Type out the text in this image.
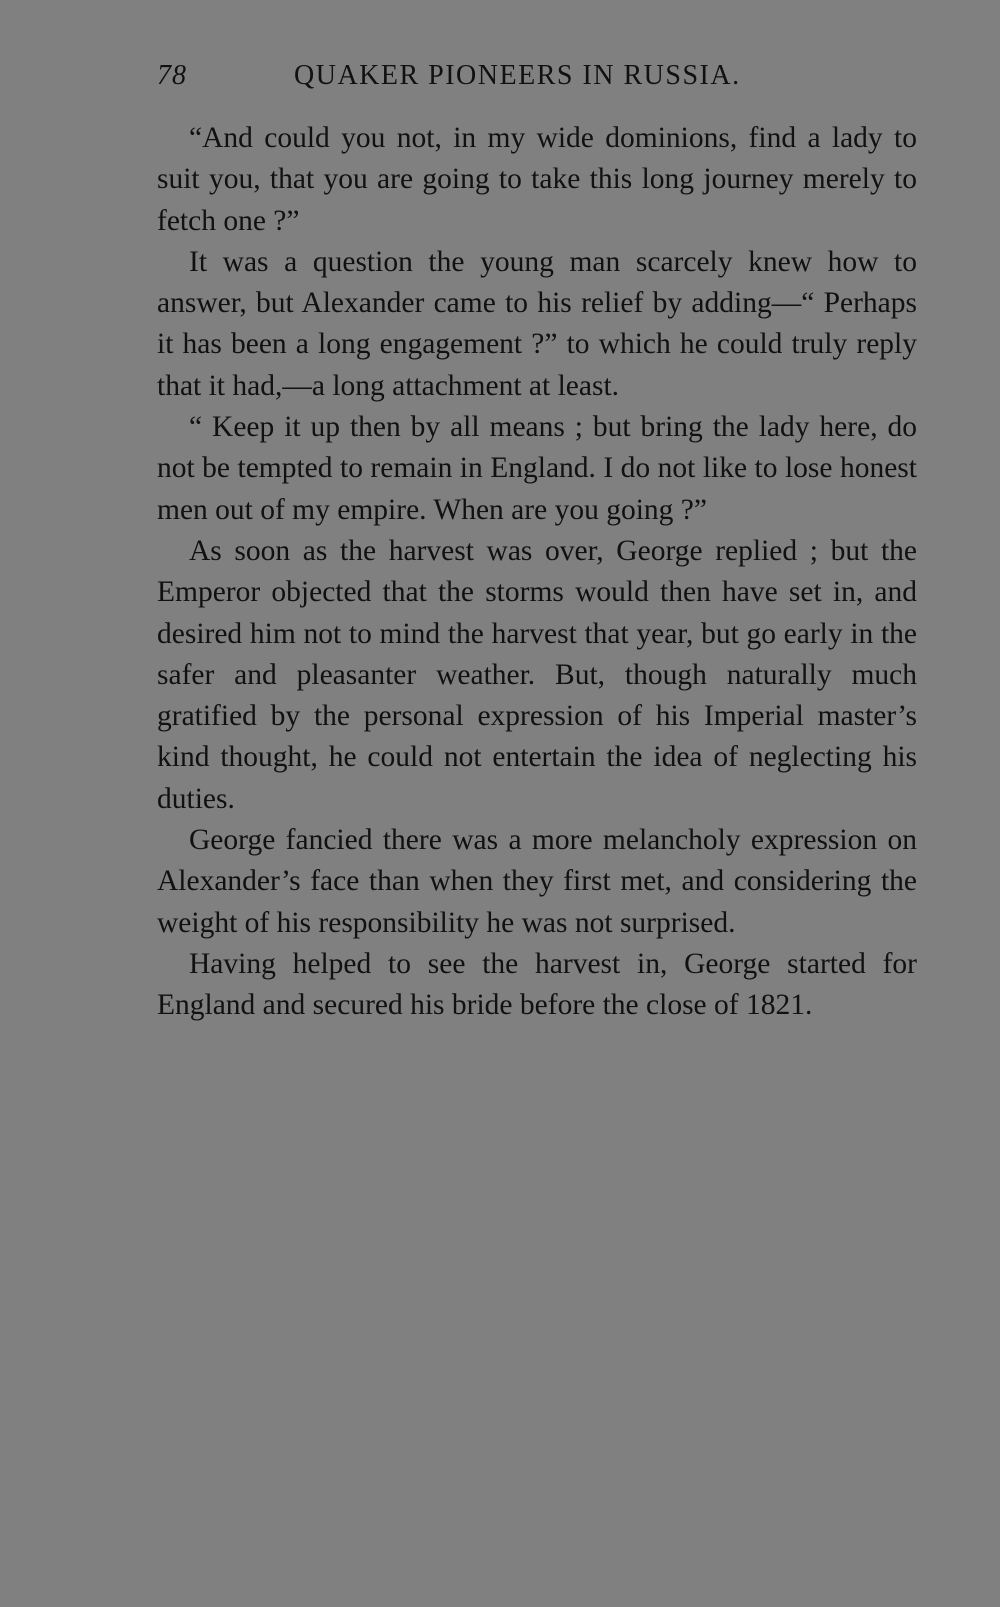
78	QUAKER PIONEERS IN RUSSIA.

“And could you not, in my wide dominions, find a lady to suit you, that you are going to take this long journey merely to fetch one ?”

It was a question the young man scarcely knew how to answer, but Alexander came to his relief by adding—“ Perhaps it has been a long engagement ?” to which he could truly reply that it had,—a long attachment at least.

“ Keep it up then by all means ; but bring the lady here, do not be tempted to remain in England. I do not like to lose honest men out of my empire. When are you going ?”

As soon as the harvest was over, George replied ; but the Emperor objected that the storms would then have set in, and desired him not to mind the harvest that year, but go early in the safer and pleasanter weather. But, though naturally much gratified by the personal expression of his Imperial master’s kind thought, he could not entertain the idea of neglecting his duties.

George fancied there was a more melancholy expression on Alexander’s face than when they first met, and considering the weight of his responsibility he was not surprised.

Having helped to see the harvest in, George started for England and secured his bride before the close of 1821.
